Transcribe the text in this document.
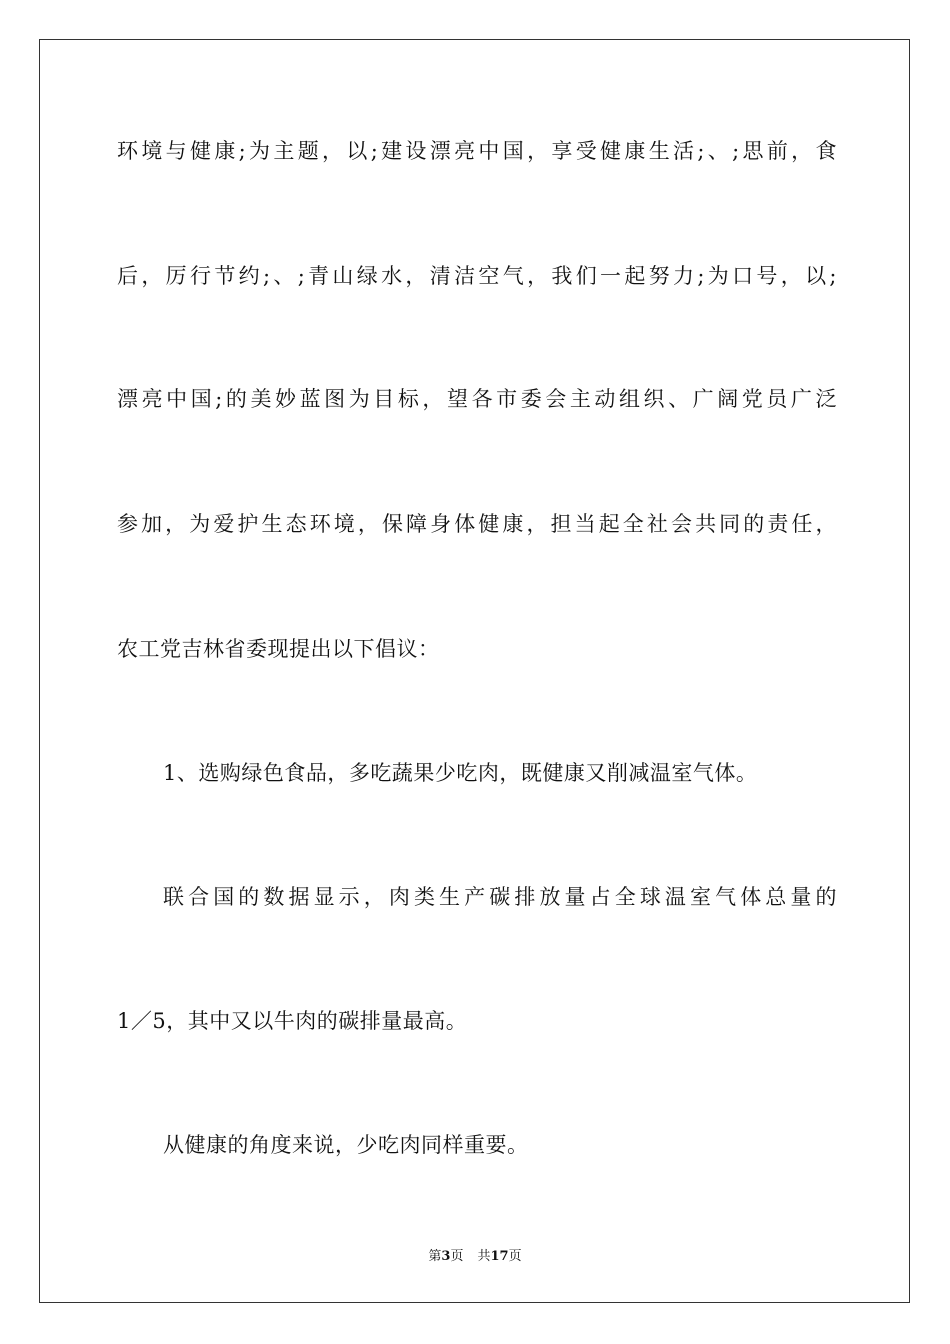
环境与健康;为主题，以;建设漂亮中国，享受健康生活;、;思前，食
后，厉行节约;、;青山绿水，清洁空气，我们一起努力;为口号，以;
漂亮中国;的美妙蓝图为目标，望各市委会主动组织、广阔党员广泛
参加，为爱护生态环境，保障身体健康，担当起全社会共同的责任，
农工党吉林省委现提出以下倡议：
1、选购绿色食品，多吃蔬果少吃肉，既健康又削减温室气体。
联合国的数据显示，肉类生产碳排放量占全球温室气体总量的
1／5，其中又以牛肉的碳排量最高。
从健康的角度来说，少吃肉同样重要。
第3页 共17页
